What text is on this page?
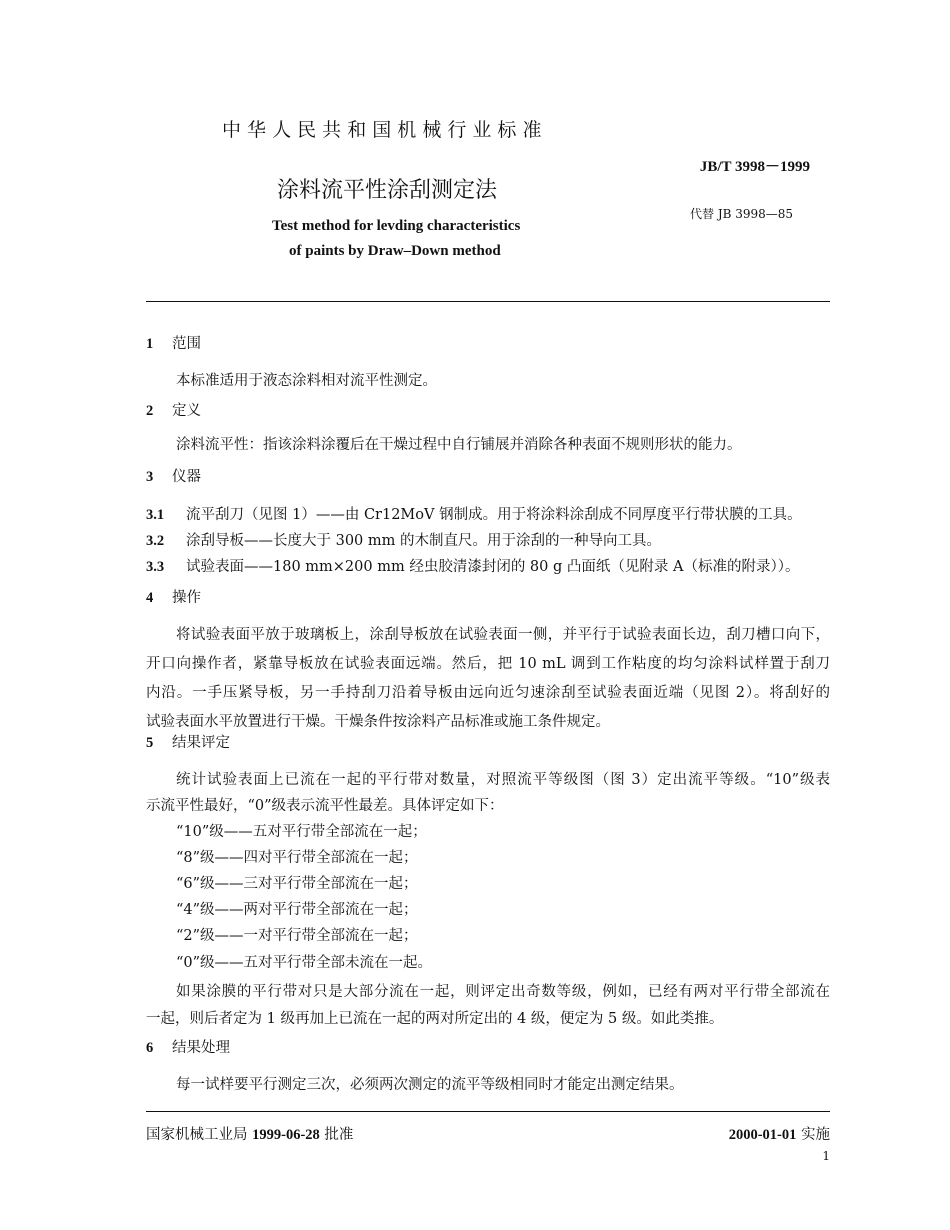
中 华 人 民 共 和 国 机 械 行 业 标 准
JB/T 3998－1999
涂料流平性涂刮测定法
代替 JB 3998—85
Test method for levding characteristics
of paints by Draw–Down method
1 范围
本标准适用于液态涂料相对流平性测定。
2 定义
涂料流平性：指该涂料涂覆后在干燥过程中自行铺展并消除各种表面不规则形状的能力。
3 仪器
3.1 流平刮刀（见图 1）——由 Cr12MoV 钢制成。用于将涂料涂刮成不同厚度平行带状膜的工具。
3.2 涂刮导板——长度大于 300 mm 的木制直尺。用于涂刮的一种导向工具。
3.3 试验表面——180 mm×200 mm 经虫胶清漆封闭的 80 g 凸面纸（见附录 A（标准的附录））。
4 操作
将试验表面平放于玻璃板上，涂刮导板放在试验表面一侧，并平行于试验表面长边，刮刀槽口向下，
开口向操作者，紧靠导板放在试验表面远端。然后，把 10 mL 调到工作粘度的均匀涂料试样置于刮刀
内沿。一手压紧导板，另一手持刮刀沿着导板由远向近匀速涂刮至试验表面近端（见图 2）。将刮好的
试验表面水平放置进行干燥。干燥条件按涂料产品标准或施工条件规定。
5 结果评定
统计试验表面上已流在一起的平行带对数量，对照流平等级图（图 3）定出流平等级。“10”级表
示流平性最好，“0”级表示流平性最差。具体评定如下：
“10”级——五对平行带全部流在一起；
“8”级——四对平行带全部流在一起；
“6”级——三对平行带全部流在一起；
“4”级——两对平行带全部流在一起；
“2”级——一对平行带全部流在一起；
“0”级——五对平行带全部未流在一起。
如果涂膜的平行带对只是大部分流在一起，则评定出奇数等级，例如，已经有两对平行带全部流在
一起，则后者定为 1 级再加上已流在一起的两对所定出的 4 级，便定为 5 级。如此类推。
6 结果处理
每一试样要平行测定三次，必须两次测定的流平等级相同时才能定出测定结果。
国家机械工业局 1999-06-28 批准	2000-01-01 实施
1
